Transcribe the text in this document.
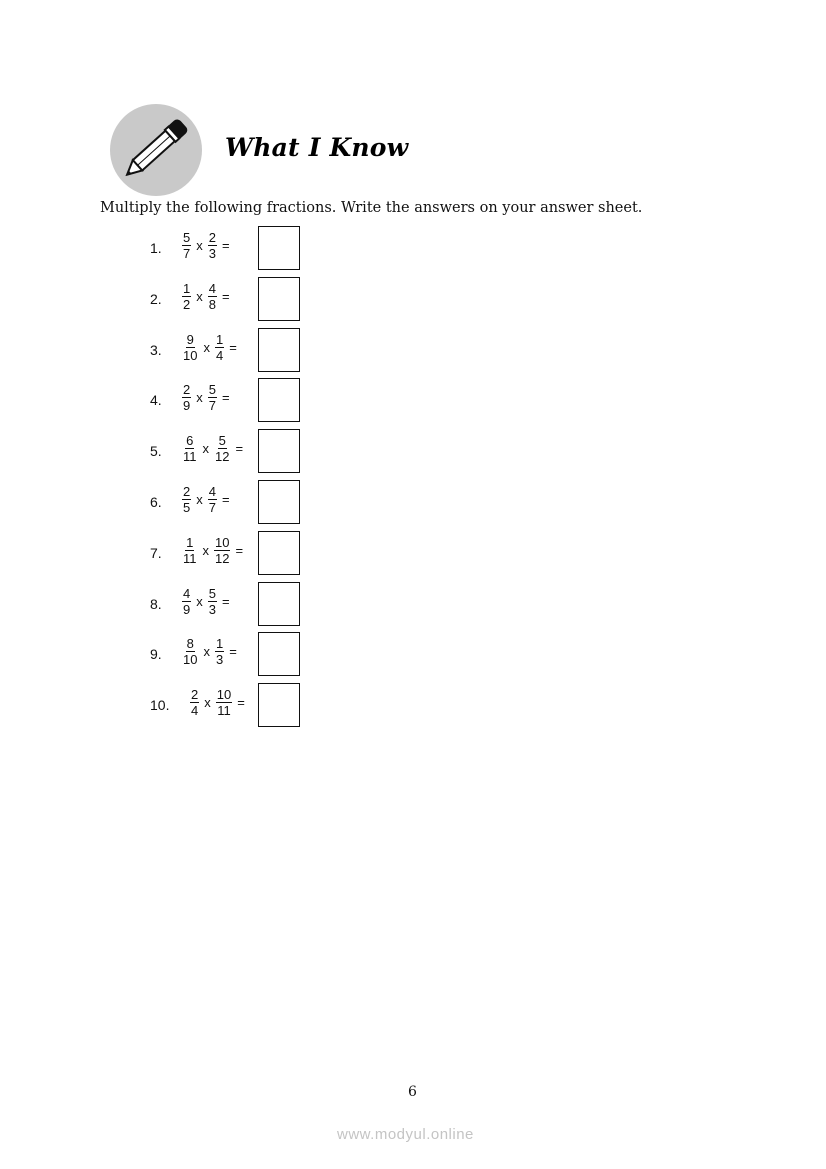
What I Know
Multiply the following fractions. Write the answers on your answer sheet.
1. $\frac{5}{7}$ x $\frac{2}{3}$ =
2. $\frac{1}{2}$ x $\frac{4}{8}$ =
3. $\frac{9}{10}$ x $\frac{1}{4}$ =
4. $\frac{2}{9}$ x $\frac{5}{7}$ =
5. $\frac{6}{11}$ x $\frac{5}{12}$ =
6. $\frac{2}{5}$ x $\frac{4}{7}$ =
7. $\frac{1}{11}$ x $\frac{10}{12}$ =
8. $\frac{4}{9}$ x $\frac{5}{3}$ =
9. $\frac{8}{10}$ x $\frac{1}{3}$ =
10. $\frac{2}{4}$ x $\frac{10}{11}$ =
6
www.modyul.online
